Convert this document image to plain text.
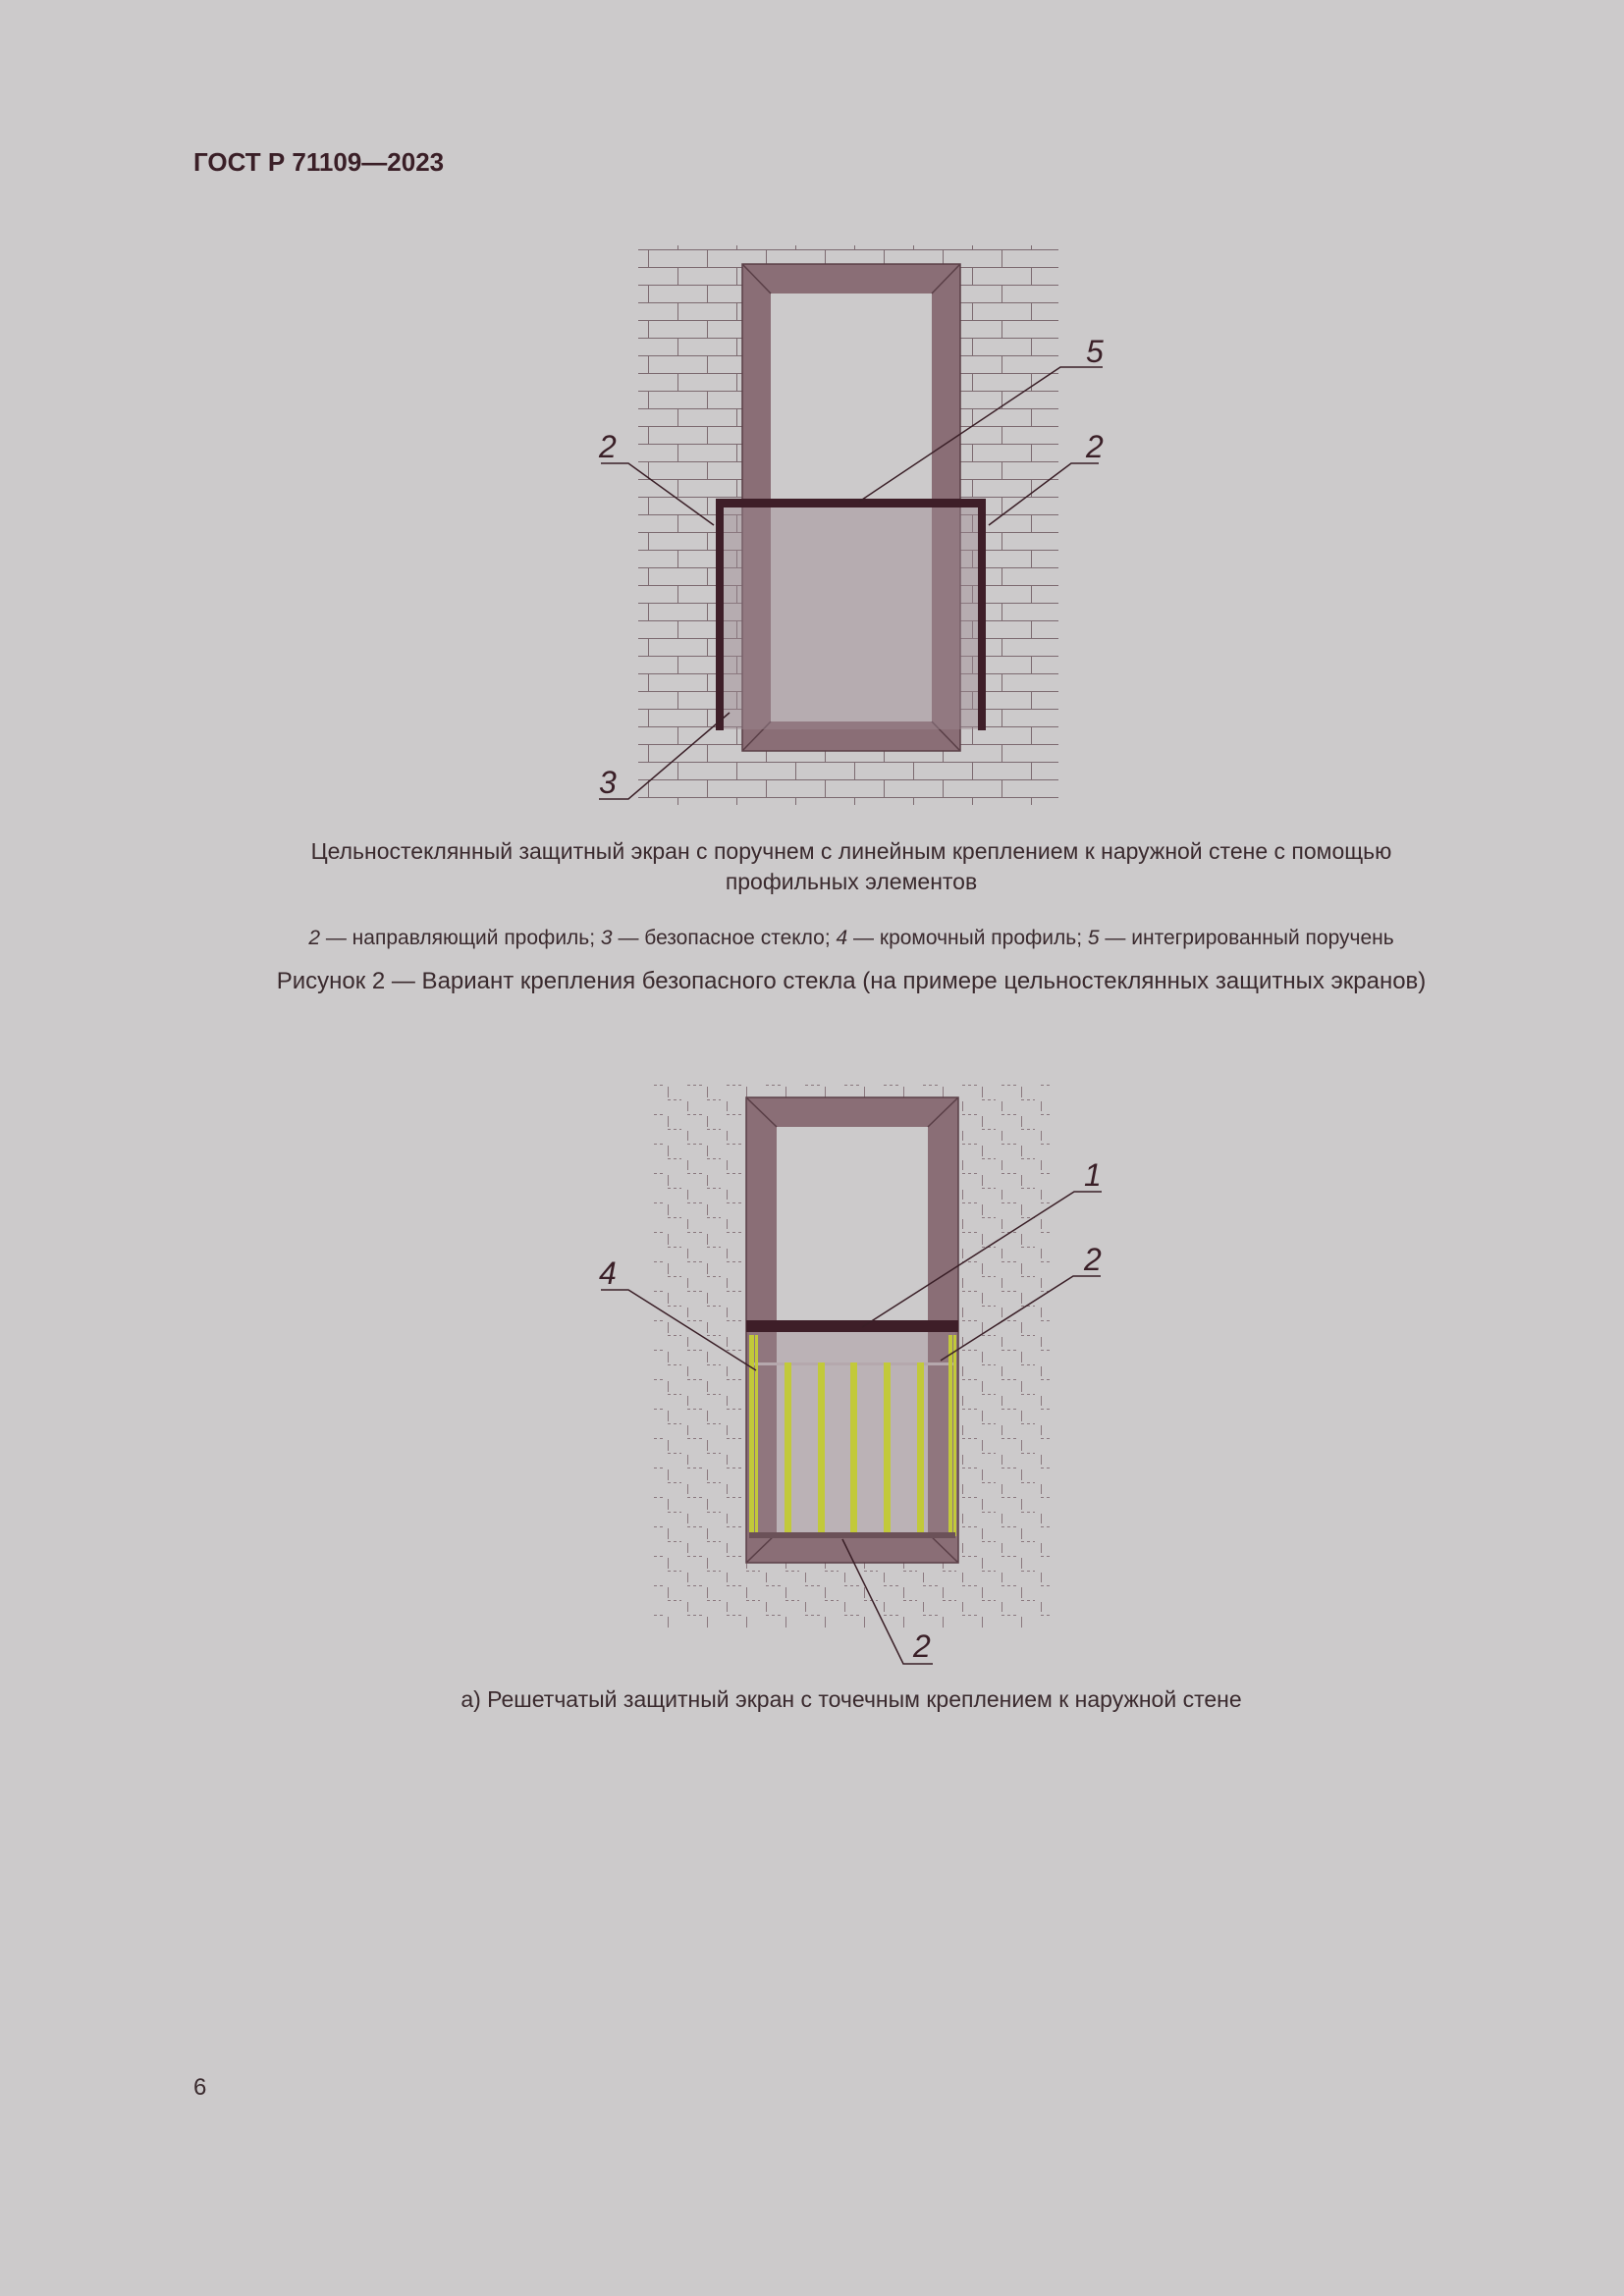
ГОСТ Р 71109—2023
5
2	2
3
Цельностеклянный защитный экран с поручнем с линейным креплением к наружной стене с помощью
профильных элементов
2 — направляющий профиль; 3 — безопасное стекло; 4 — кромочный профиль; 5 — интегрированный поручень
Рисунок 2 — Вариант крепления безопасного стекла (на примере цельностеклянных защитных экранов)
1
2
4
2
а) Решетчатый защитный экран с точечным креплением к наружной стене
6
